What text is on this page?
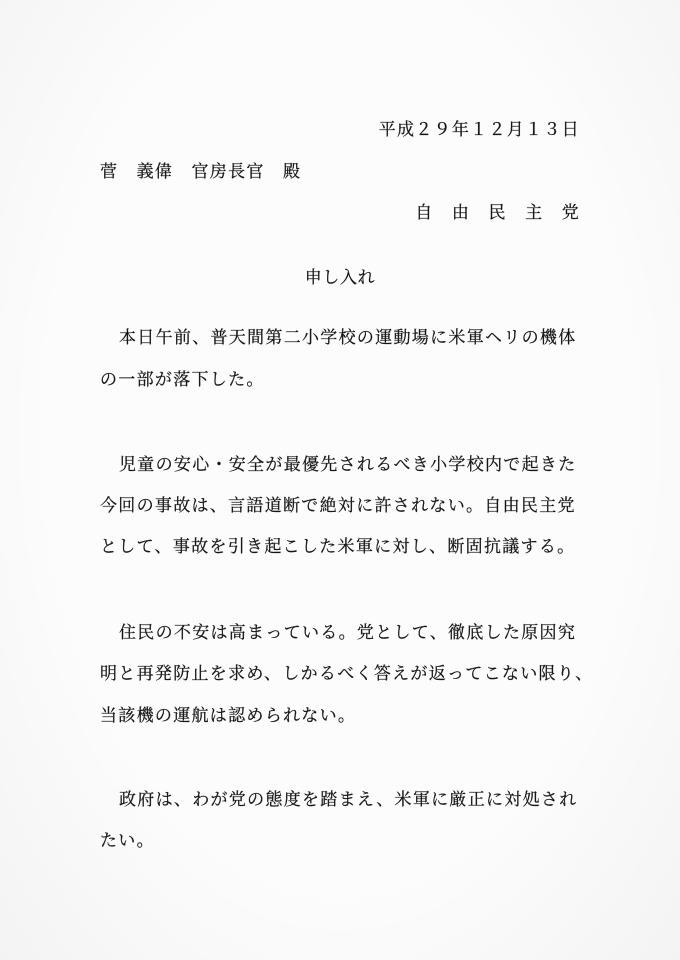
平成２９年１２月１３日
菅　義偉　官房長官　殿
自　由　民　主　党
申し入れ
本日午前、普天間第二小学校の運動場に米軍ヘリの機体
の一部が落下した。
児童の安心・安全が最優先されるべき小学校内で起きた
今回の事故は、言語道断で絶対に許されない。自由民主党
として、事故を引き起こした米軍に対し、断固抗議する。
住民の不安は高まっている。党として、徹底した原因究
明と再発防止を求め、しかるべく答えが返ってこない限り、
当該機の運航は認められない。
政府は、わが党の態度を踏まえ、米軍に厳正に対処され
たい。
